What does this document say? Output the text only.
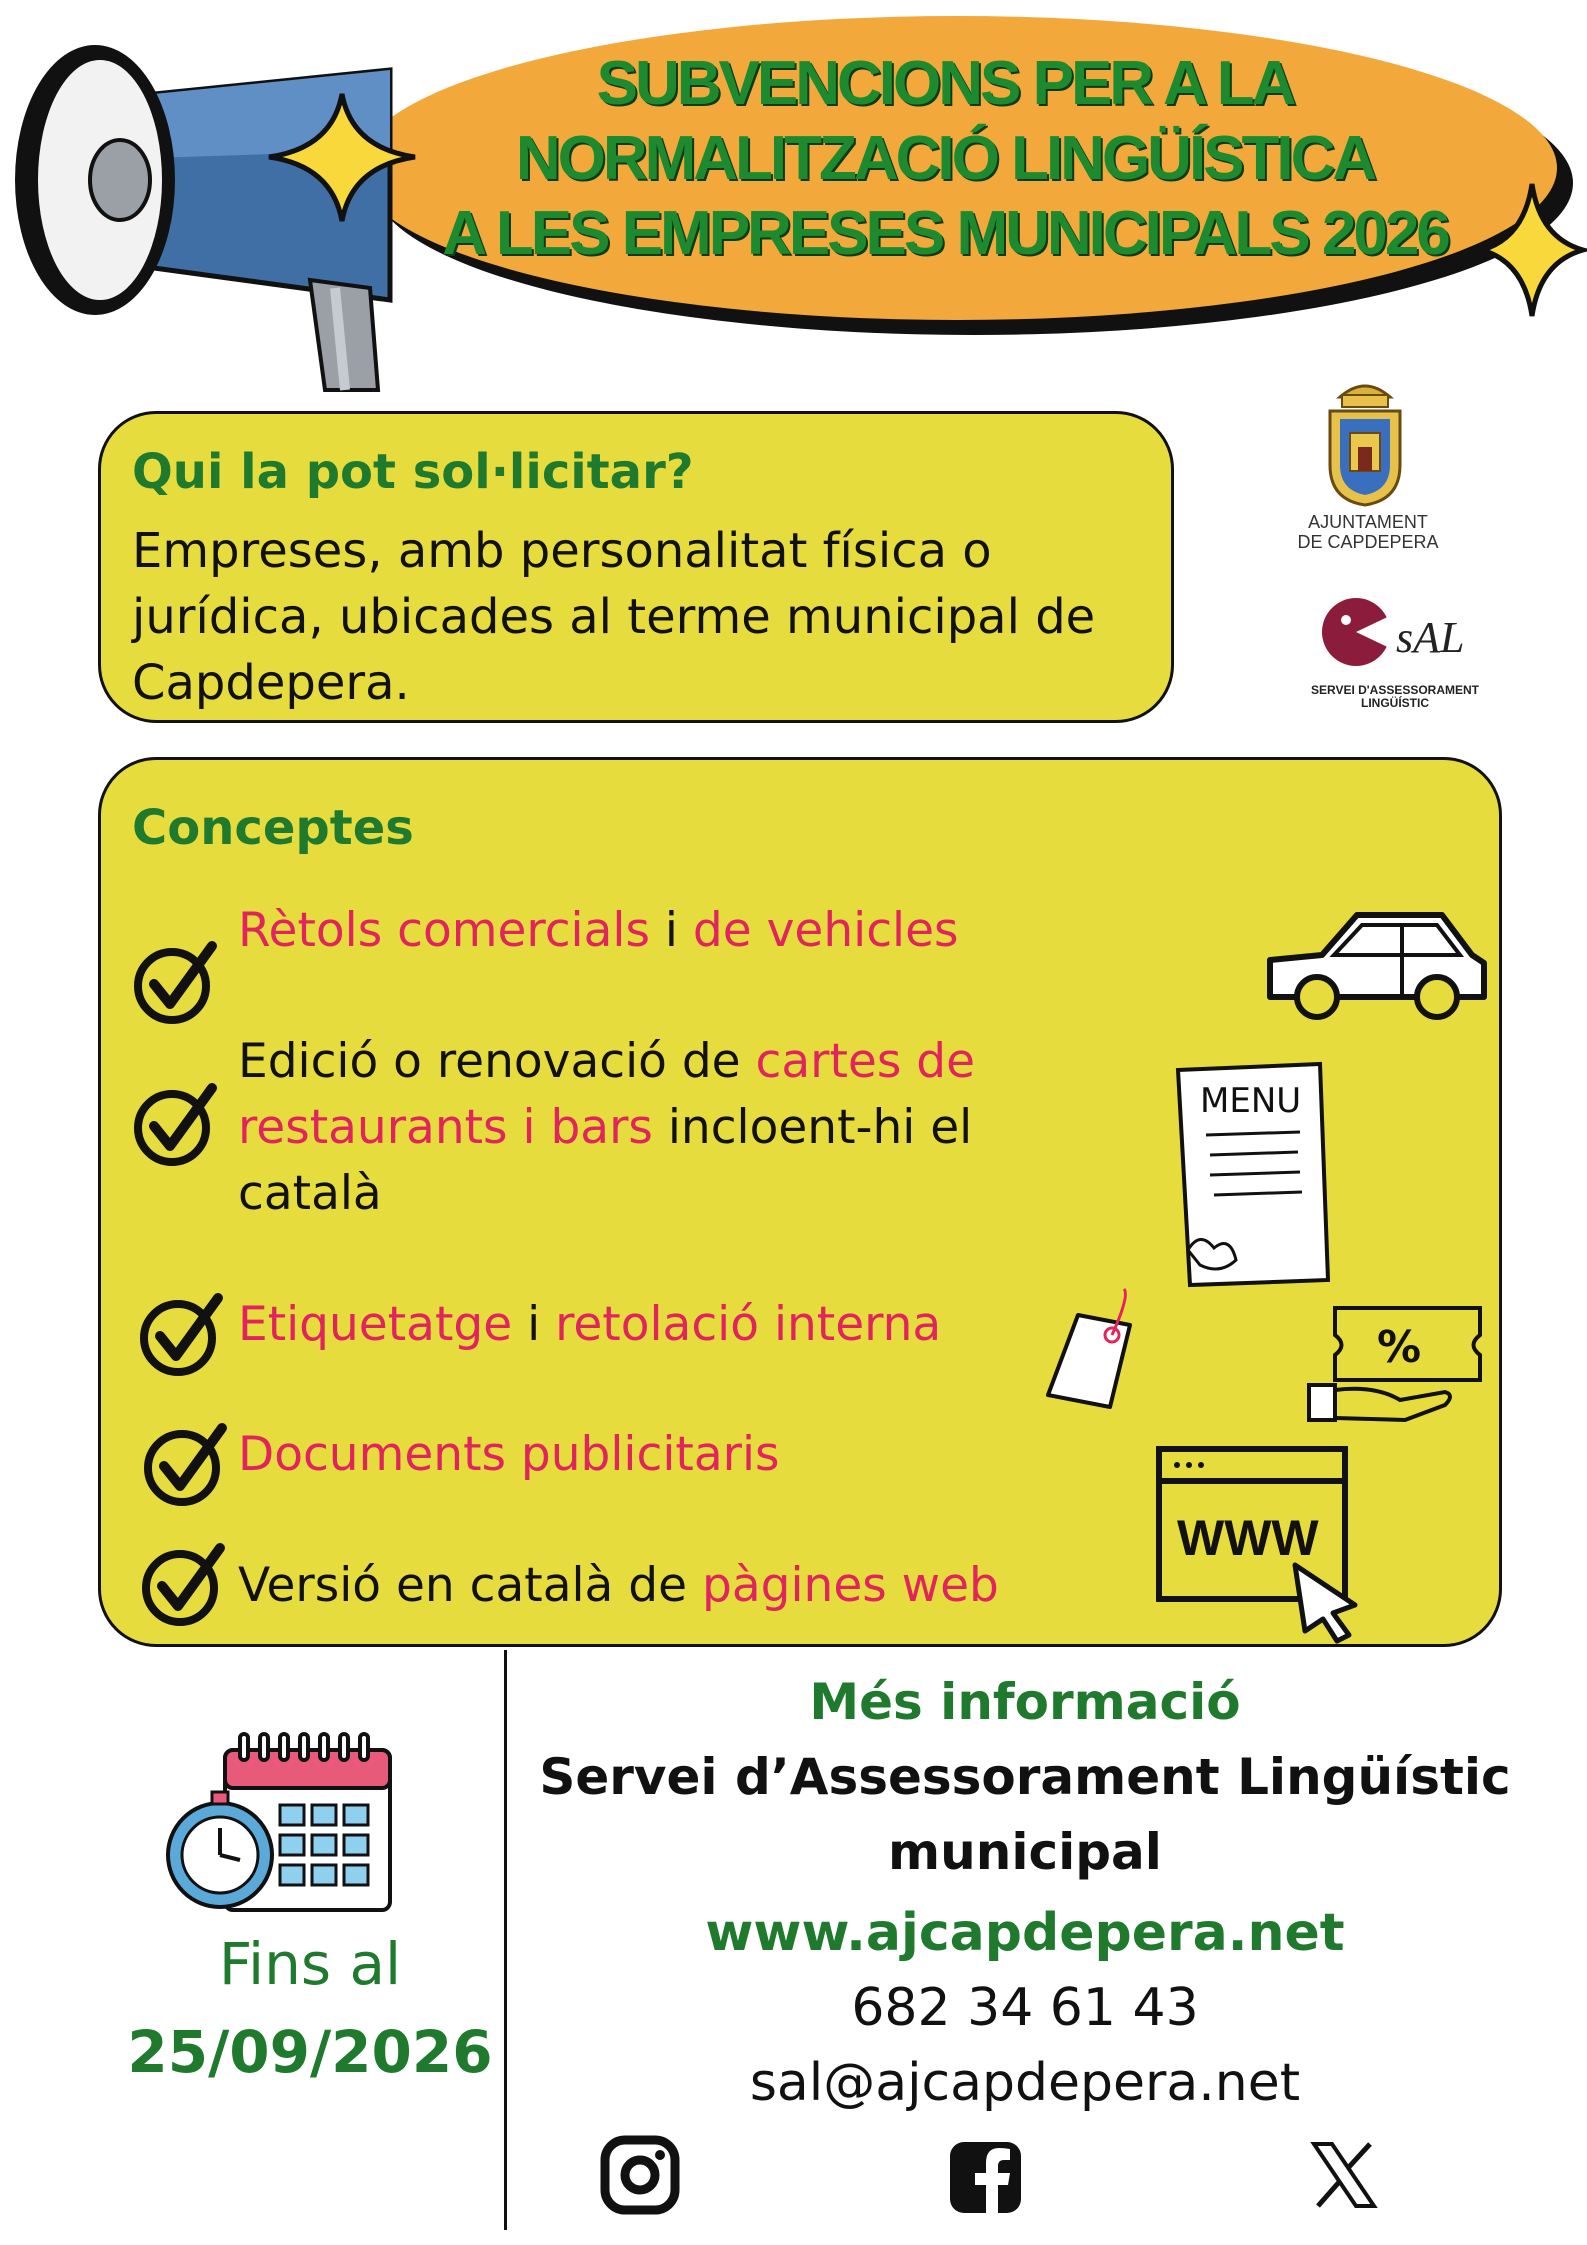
SUBVENCIONS PER A LA
NORMALITZACIÓ LINGÜÍSTICA
A LES EMPRESES MUNICIPALS 2026
AJUNTAMENT
DE CAPDEPERA
sAL
SERVEI D'ASSESSORAMENT
LINGÜÍSTIC
Qui la pot sol·licitar?
Empreses, amb personalitat física o jurídica, ubicades al terme municipal de Capdepera.
Conceptes
Rètols comercials i de vehicles
Edició o renovació de cartes de
restaurants i bars incloent-hi el
català
Etiquetatge i retolació interna
Documents publicitaris
Versió en català de pàgines web
MENU
%
WWW
Fins al
25/09/2026
Més informació
Servei d’Assessorament Lingüístic
municipal
www.ajcapdepera.net
682 34 61 43
sal@ajcapdepera.net
